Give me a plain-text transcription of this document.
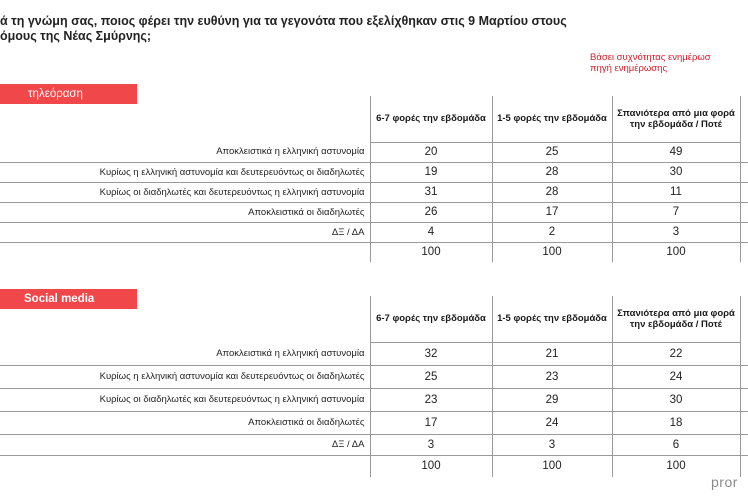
ά τη γνώμη σας, ποιος φέρει την ευθύνη για τα γεγονότα που εξελίχθηκαν στις 9 Μαρτίου στους
όμους της Νέας Σμύρνης;
Βάσει συχνότητας ενημέρωσ
πηγή ενημέρωσης
τηλεόραση
	6-7 φορές την εβδομάδα	1-5 φορές την εβδομάδα	Σπανιότερα από μια φορά την εβδομάδα / Ποτέ	
Αποκλειστικά η ελληνική αστυνομία	20	25	49	
Κυρίως η ελληνική αστυνομία και δευτερευόντως οι διαδηλωτές	19	28	30	
Κυρίως οι διαδηλωτές και δευτερευόντως η ελληνική αστυνομία	31	28	11	
Αποκλειστικά οι διαδηλωτές	26	17	7	
ΔΞ / ΔΑ	4	2	3	
	100	100	100	
Social media
	6-7 φορές την εβδομάδα	1-5 φορές την εβδομάδα	Σπανιότερα από μια φορά την εβδομάδα / Ποτέ	
Αποκλειστικά η ελληνική αστυνομία	32	21	22	
Κυρίως η ελληνική αστυνομία και δευτερευόντως οι διαδηλωτές	25	23	24	
Κυρίως οι διαδηλωτές και δευτερευόντως η ελληνική αστυνομία	23	29	30	
Αποκλειστικά οι διαδηλωτές	17	24	18	
ΔΞ / ΔΑ	3	3	6	
	100	100	100	
pror
